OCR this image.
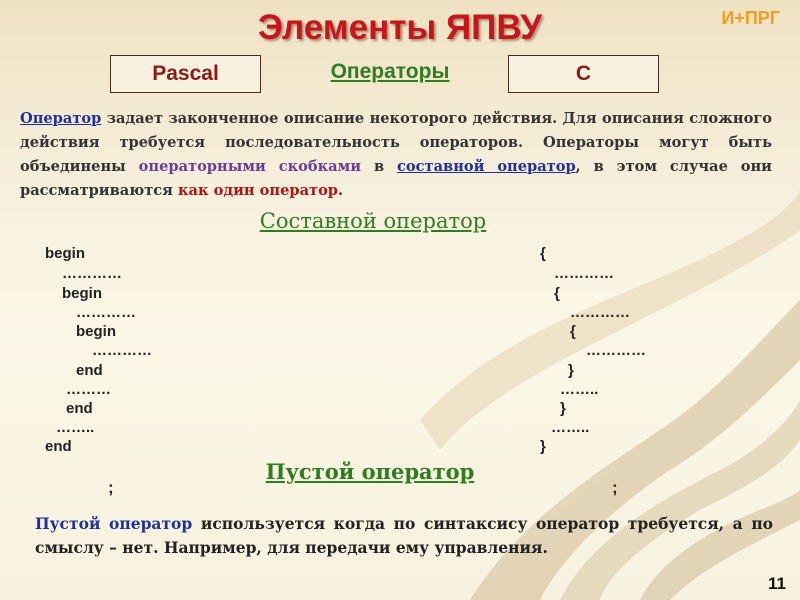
Элементы ЯПВУ	И+ПРГ
Pascal	Операторы	C
Оператор задает законченное описание некоторого действия. Для описания сложного действия требуется последовательность операторов. Операторы могут быть объединены операторными скобками в составной оператор, в этом случае они рассматриваются как один оператор.
Составной оператор
begin
…………
begin
…………
begin
…………
end
………
end
……..
end
{
…………
{
…………
{
…………
}
……..
}
……..
}
Пустой оператор
;	;
Пустой оператор используется когда по синтаксису оператор требуется, а по смыслу – нет. Например, для передачи ему управления.
11
